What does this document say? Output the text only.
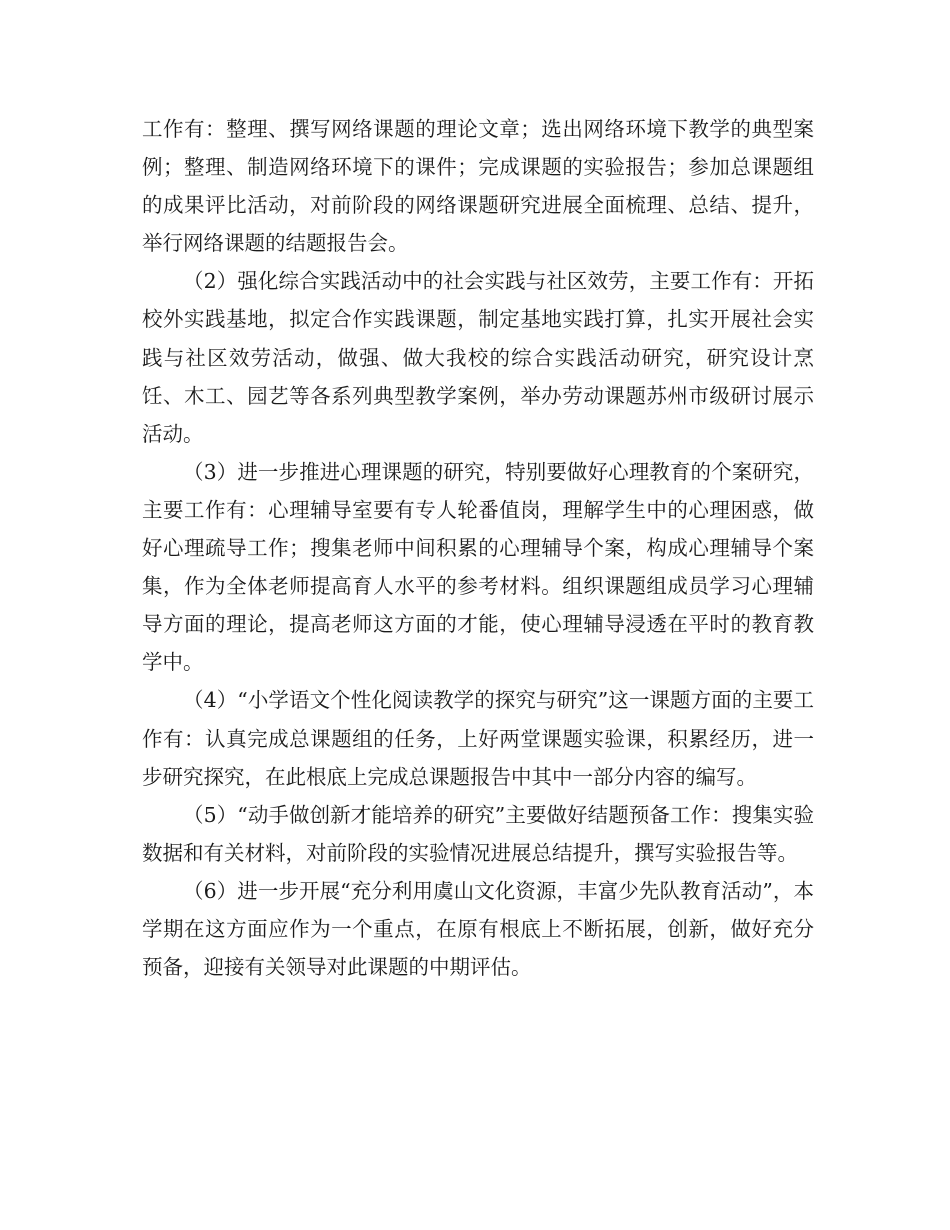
工作有：整理、撰写网络课题的理论文章；选出网络环境下教学的典型案例；整理、制造网络环境下的课件；完成课题的实验报告；参加总课题组的成果评比活动，对前阶段的网络课题研究进展全面梳理、总结、提升，举行网络课题的结题报告会。

（2）强化综合实践活动中的社会实践与社区效劳，主要工作有：开拓校外实践基地，拟定合作实践课题，制定基地实践打算，扎实开展社会实践与社区效劳活动，做强、做大我校的综合实践活动研究，研究设计烹饪、木工、园艺等各系列典型教学案例，举办劳动课题苏州市级研讨展示活动。

（3）进一步推进心理课题的研究，特别要做好心理教育的个案研究，主要工作有：心理辅导室要有专人轮番值岗，理解学生中的心理困惑，做好心理疏导工作；搜集老师中间积累的心理辅导个案，构成心理辅导个案集，作为全体老师提高育人水平的参考材料。组织课题组成员学习心理辅导方面的理论，提高老师这方面的才能，使心理辅导浸透在平时的教育教学中。

（4）“小学语文个性化阅读教学的探究与研究”这一课题方面的主要工作有：认真完成总课题组的任务，上好两堂课题实验课，积累经历，进一步研究探究，在此根底上完成总课题报告中其中一部分内容的编写。

（5）“动手做创新才能培养的研究”主要做好结题预备工作：搜集实验数据和有关材料，对前阶段的实验情况进展总结提升，撰写实验报告等。

（6）进一步开展“充分利用虞山文化资源，丰富少先队教育活动”，本学期在这方面应作为一个重点，在原有根底上不断拓展，创新，做好充分预备，迎接有关领导对此课题的中期评估。
